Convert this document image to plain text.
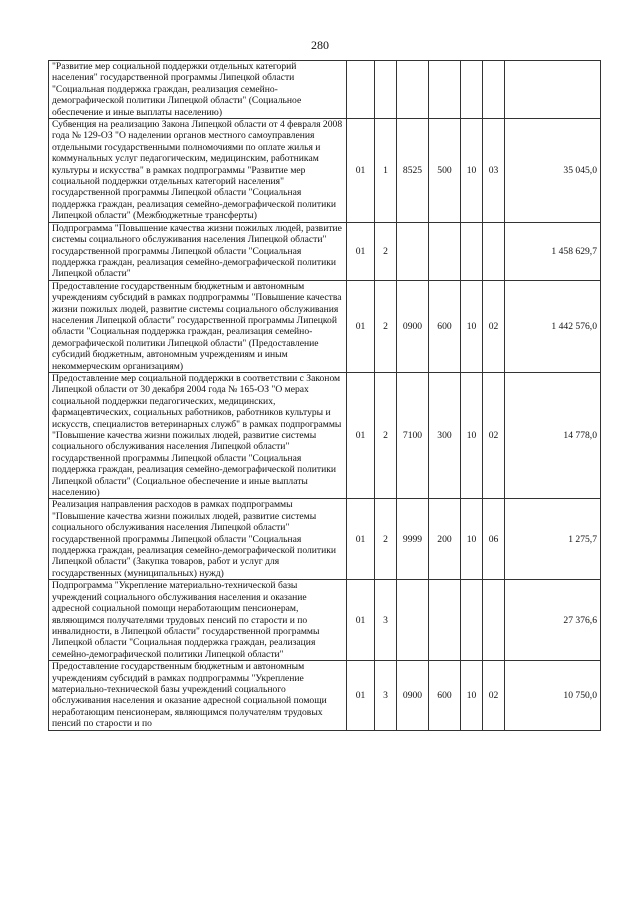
280
"Развитие мер социальной поддержки отдельных категорий населения" государственной программы Липецкой области "Социальная поддержка граждан, реализация семейно-демографической политики Липецкой области" (Социальное обеспечение и иные выплаты населению)							
Субвенция на реализацию Закона Липецкой области от 4 февраля 2008 года № 129-ОЗ "О наделении органов местного самоуправления отдельными государственными полномочиями по оплате жилья и коммунальных услуг педагогическим, медицинским, работникам культуры и искусства" в рамках подпрограммы "Развитие мер социальной поддержки отдельных категорий населения" государственной программы Липецкой области "Социальная поддержка граждан, реализация семейно-демографической политики Липецкой области" (Межбюджетные трансферты)	01	1	8525	500	10	03	35 045,0
Подпрограмма "Повышение качества жизни пожилых людей, развитие системы социального обслуживания населения Липецкой области" государственной программы Липецкой области "Социальная поддержка граждан, реализация семейно-демографической политики Липецкой области"	01	2					1 458 629,7
Предоставление государственным бюджетным и автономным учреждениям субсидий в рамках подпрограммы "Повышение качества жизни пожилых людей, развитие системы социального обслуживания населения Липецкой области" государственной программы Липецкой области "Социальная поддержка граждан, реализация семейно-демографической политики Липецкой области" (Предоставление субсидий бюджетным, автономным учреждениям и иным некоммерческим организациям)	01	2	0900	600	10	02	1 442 576,0
Предоставление мер социальной поддержки в соответствии с Законом Липецкой области от 30 декабря 2004 года № 165-ОЗ "О мерах социальной поддержки педагогических, медицинских, фармацевтических, социальных работников, работников культуры и искусств, специалистов ветеринарных служб" в рамках подпрограммы "Повышение качества жизни пожилых людей, развитие системы социального обслуживания населения Липецкой области" государственной программы Липецкой области "Социальная поддержка граждан, реализация семейно-демографической политики Липецкой области" (Социальное обеспечение и иные выплаты населению)	01	2	7100	300	10	02	14 778,0
Реализация направления расходов в рамках подпрограммы "Повышение качества жизни пожилых людей, развитие системы социального обслуживания населения Липецкой области" государственной программы Липецкой области "Социальная поддержка граждан, реализация семейно-демографической политики Липецкой области" (Закупка товаров, работ и услуг для государственных (муниципальных) нужд)	01	2	9999	200	10	06	1 275,7
Подпрограмма "Укрепление материально-технической базы учреждений социального обслуживания населения и оказание адресной социальной помощи неработающим пенсионерам, являющимся получателями трудовых пенсий по старости и по инвалидности, в Липецкой области" государственной программы Липецкой области "Социальная поддержка граждан, реализация семейно-демографической политики Липецкой области"	01	3					27 376,6
Предоставление государственным бюджетным и автономным учреждениям субсидий в рамках подпрограммы "Укрепление материально-технической базы учреждений социального обслуживания населения и оказание адресной социальной помощи неработающим пенсионерам, являющимся получателям трудовых пенсий по старости и по	01	3	0900	600	10	02	10 750,0
